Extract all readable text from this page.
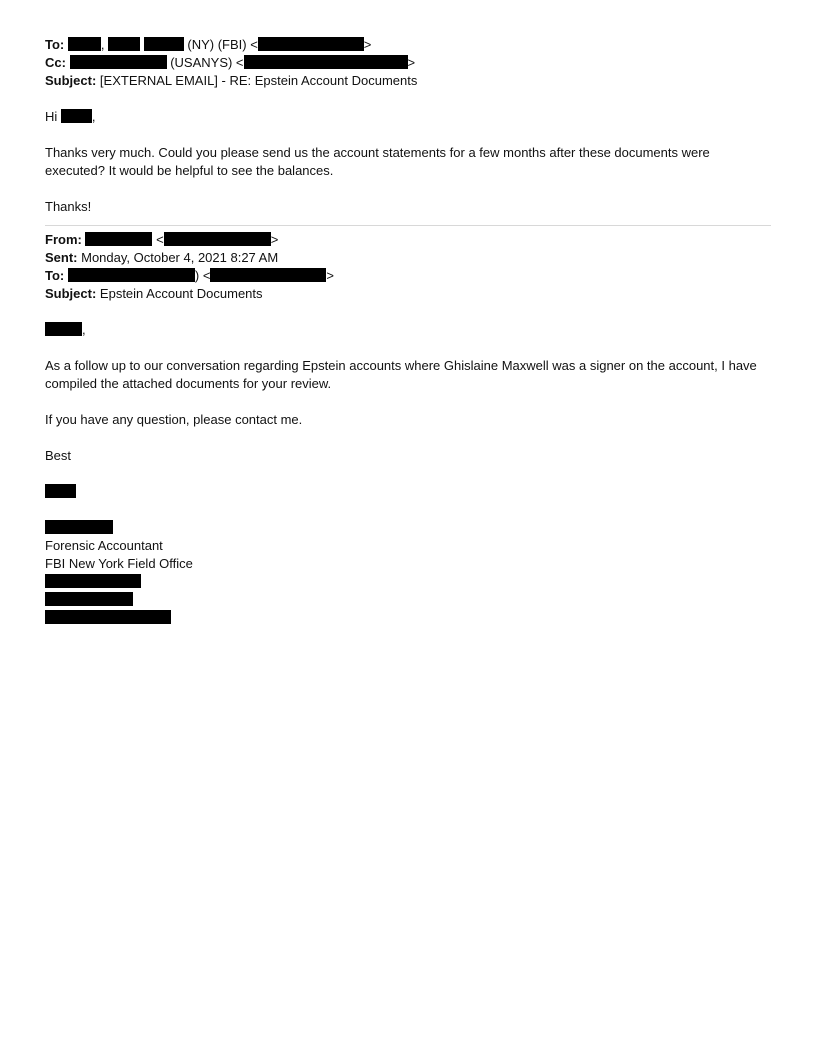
To:	,	(NY) (FBI) <	>
Cc:	(USANYS) <	>
Subject: [EXTERNAL EMAIL] - RE: Epstein Account Documents
Hi	,
Thanks very much. Could you please send us the account statements for a few months after these documents were executed? It would be helpful to see the balances.
Thanks!
From:	<	>
Sent: Monday, October 4, 2021 8:27 AM
To:	) <	>
Subject: Epstein Account Documents
,
As a follow up to our conversation regarding Epstein accounts where Ghislaine Maxwell was a signer on the account, I have compiled the attached documents for your review.
If you have any question, please contact me.
Best
Forensic Accountant
FBI New York Field Office
